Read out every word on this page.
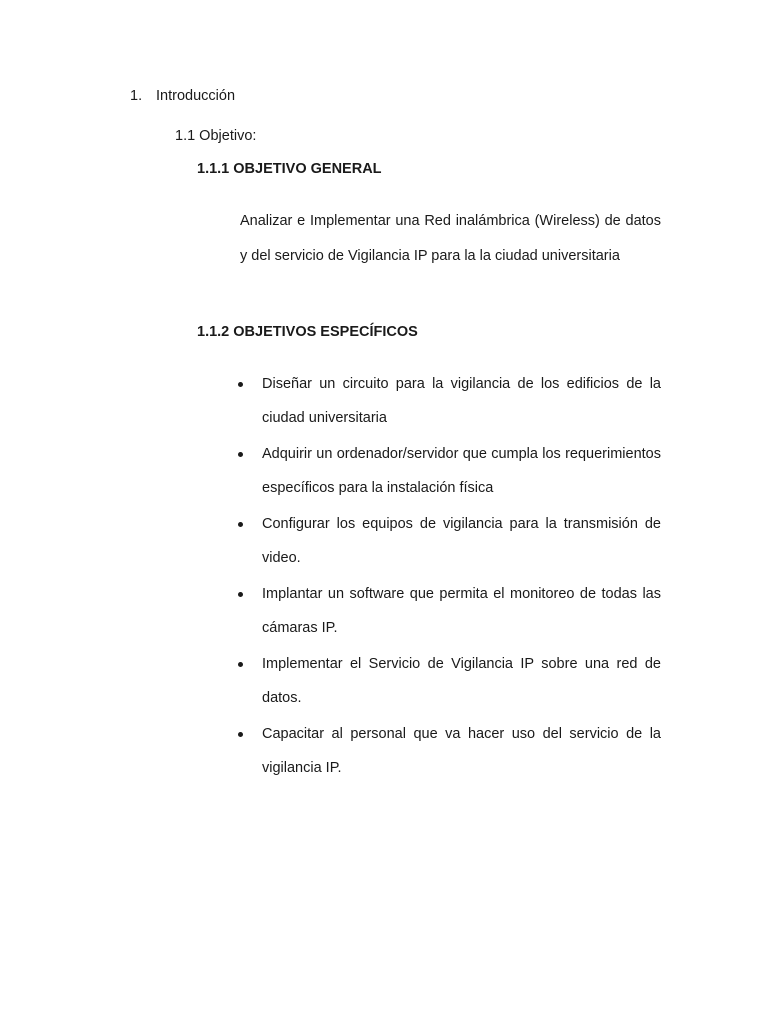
1. Introducción
1.1 Objetivo:
1.1.1 OBJETIVO GENERAL

Analizar e Implementar una Red inalámbrica (Wireless) de datos y del servicio de Vigilancia IP para la la ciudad universitaria

1.1.2 OBJETIVOS ESPECÍFICOS
Diseñar un circuito para la vigilancia de los edificios de la ciudad universitaria
Adquirir un ordenador/servidor que cumpla los requerimientos específicos para la instalación física
Configurar los equipos de vigilancia para la transmisión de video.
Implantar un software que permita el monitoreo de todas las cámaras IP.
Implementar el Servicio de Vigilancia IP sobre una red de datos.
Capacitar al personal que va hacer uso del servicio de la vigilancia IP.
